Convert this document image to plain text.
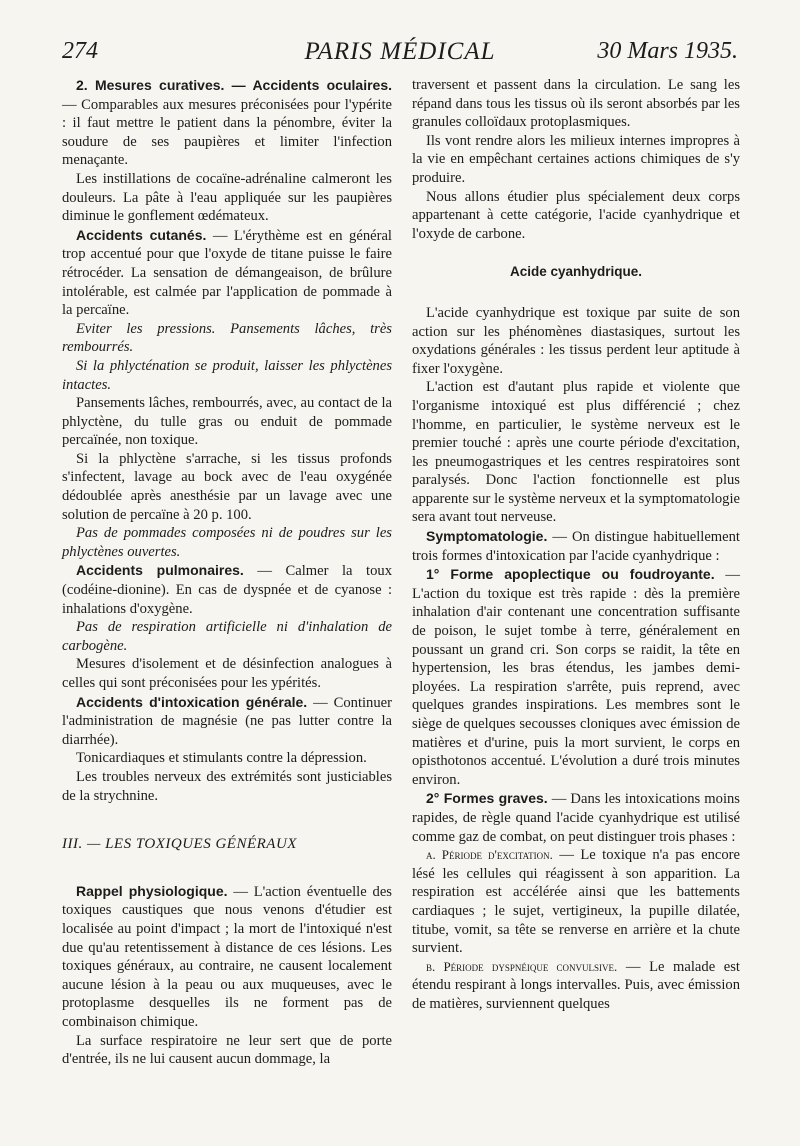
274	PARIS MÉDICAL	30 Mars 1935.

2. Mesures curatives. — Accidents oculaires. — Comparables aux mesures préconisées pour l'ypérite : il faut mettre le patient dans la pénombre, éviter la soudure de ses paupières et limiter l'infection menaçante.

Les instillations de cocaïne-adrénaline calmeront les douleurs. La pâte à l'eau appliquée sur les paupières diminue le gonflement œdémateux.

Accidents cutanés. — L'érythème est en général trop accentué pour que l'oxyde de titane puisse le faire rétrocéder. La sensation de démangeaison, de brûlure intolérable, est calmée par l'application de pommade à la percaïne.

Eviter les pressions. Pansements lâches, très rembourrés.

Si la phlycténation se produit, laisser les phlyctènes intactes.

Pansements lâches, rembourrés, avec, au contact de la phlyctène, du tulle gras ou enduit de pommade percaïnée, non toxique.

Si la phlyctène s'arrache, si les tissus profonds s'infectent, lavage au bock avec de l'eau oxygénée dédoublée après anesthésie par un lavage avec une solution de percaïne à 20 p. 100.

Pas de pommades composées ni de poudres sur les phlyctènes ouvertes.

Accidents pulmonaires. — Calmer la toux (codéine-dionine). En cas de dyspnée et de cyanose : inhalations d'oxygène.

Pas de respiration artificielle ni d'inhalation de carbogène.

Mesures d'isolement et de désinfection analogues à celles qui sont préconisées pour les ypérités.

Accidents d'intoxication générale. — Continuer l'administration de magnésie (ne pas lutter contre la diarrhée).

Tonicardiaques et stimulants contre la dépression.

Les troubles nerveux des extrémités sont justiciables de la strychnine.

III. — LES TOXIQUES GÉNÉRAUX

Rappel physiologique. — L'action éventuelle des toxiques caustiques que nous venons d'étudier est localisée au point d'impact ; la mort de l'intoxiqué n'est due qu'au retentissement à distance de ces lésions. Les toxiques généraux, au contraire, ne causent localement aucune lésion à la peau ou aux muqueuses, avec le protoplasme desquelles ils ne forment pas de combinaison chimique.

La surface respiratoire ne leur sert que de porte d'entrée, ils ne lui causent aucun dommage, la

traversent et passent dans la circulation. Le sang les répand dans tous les tissus où ils seront absorbés par les granules colloïdaux protoplasmiques.

Ils vont rendre alors les milieux internes impropres à la vie en empêchant certaines actions chimiques de s'y produire.

Nous allons étudier plus spécialement deux corps appartenant à cette catégorie, l'acide cyanhydrique et l'oxyde de carbone.

Acide cyanhydrique.

L'acide cyanhydrique est toxique par suite de son action sur les phénomènes diastasiques, surtout les oxydations générales : les tissus perdent leur aptitude à fixer l'oxygène.

L'action est d'autant plus rapide et violente que l'organisme intoxiqué est plus différencié ; chez l'homme, en particulier, le système nerveux est le premier touché : après une courte période d'excitation, les pneumogastriques et les centres respiratoires sont paralysés. Donc l'action fonctionnelle est plus apparente sur le système nerveux et la symptomatologie sera avant tout nerveuse.

Symptomatologie. — On distingue habituellement trois formes d'intoxication par l'acide cyanhydrique :

1° Forme apoplectique ou foudroyante. — L'action du toxique est très rapide : dès la première inhalation d'air contenant une concentration suffisante de poison, le sujet tombe à terre, généralement en poussant un grand cri. Son corps se raidit, la tête en hypertension, les bras étendus, les jambes demi-ployées. La respiration s'arrête, puis reprend, avec quelques grandes inspirations. Les membres sont le siège de quelques secousses cloniques avec émission de matières et d'urine, puis la mort survient, le corps en opisthotonos accentué. L'évolution a duré trois minutes environ.

2° Formes graves. — Dans les intoxications moins rapides, de règle quand l'acide cyanhydrique est utilisé comme gaz de combat, on peut distinguer trois phases :

a. Période d'excitation. — Le toxique n'a pas encore lésé les cellules qui réagissent à son apparition. La respiration est accélérée ainsi que les battements cardiaques ; le sujet, vertigineux, la pupille dilatée, titube, vomit, sa tête se renverse en arrière et la chute survient.

b. Période dyspnéique convulsive. — Le malade est étendu respirant à longs intervalles. Puis, avec émission de matières, surviennent quelques
